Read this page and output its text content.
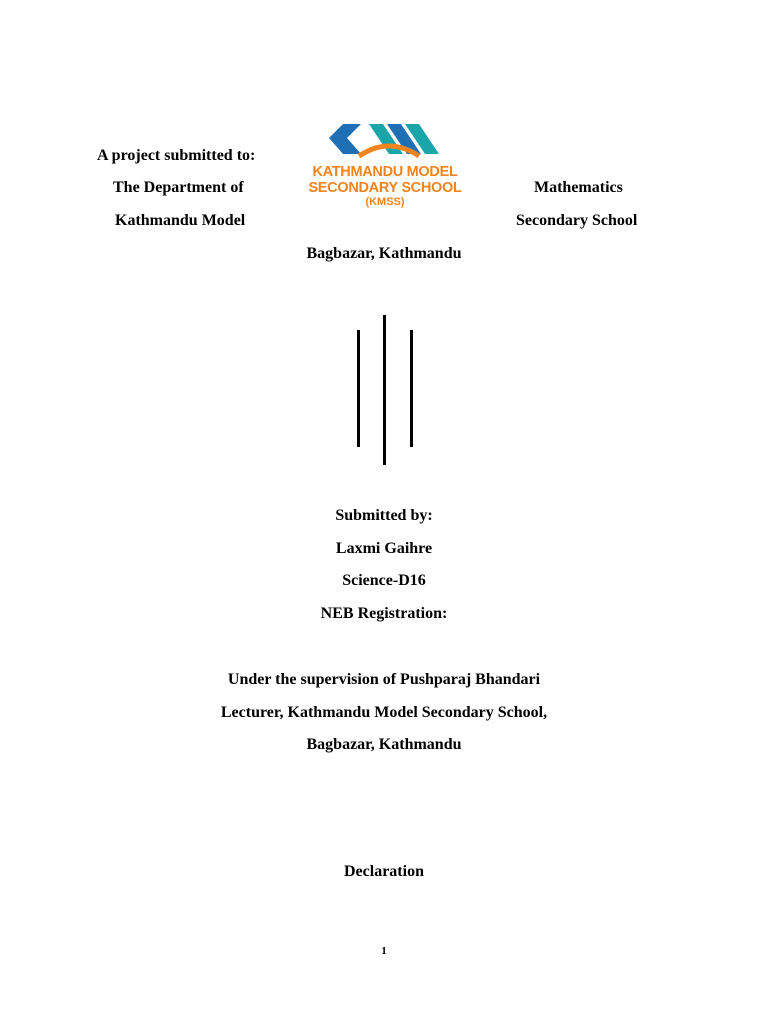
A project submitted to:
The Department of	Mathematics
Kathmandu Model	Secondary School
KATHMANDU MODEL
SECONDARY SCHOOL
(KMSS)
Bagbazar, Kathmandu
Submitted by:
Laxmi Gaihre
Science-D16
NEB Registration:
Under the supervision of Pushparaj Bhandari
Lecturer, Kathmandu Model Secondary School,
Bagbazar, Kathmandu
Declaration
1
